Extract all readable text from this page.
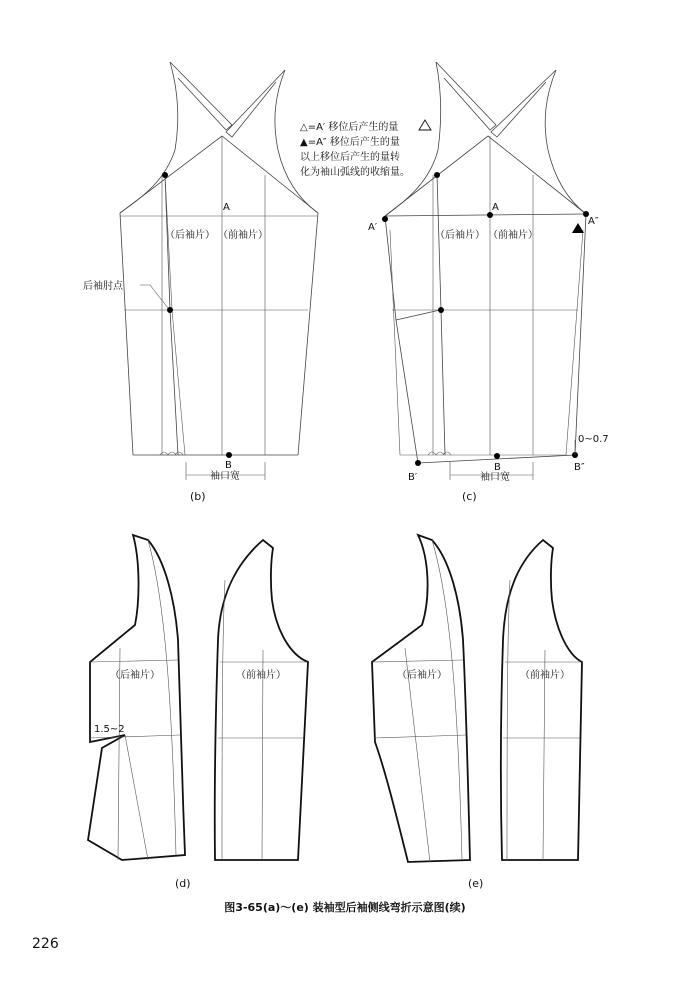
A
B
（后袖片） （前袖片）
后袖肘点
袖口宽
(b)
A
A′
A″
B
B′
B″
（后袖片） （前袖片）
袖口宽
0~0.7
(c)
△=A′ 移位后产生的量
▲=A″ 移位后产生的量
以上移位后产生的量转
化为袖山弧线的收缩量。
（后袖片）	（前袖片）
1.5~2
(d)
（后袖片）	（前袖片）
(e)
图3-65(a)～(e) 装袖型后袖侧线弯折示意图(续)
226
